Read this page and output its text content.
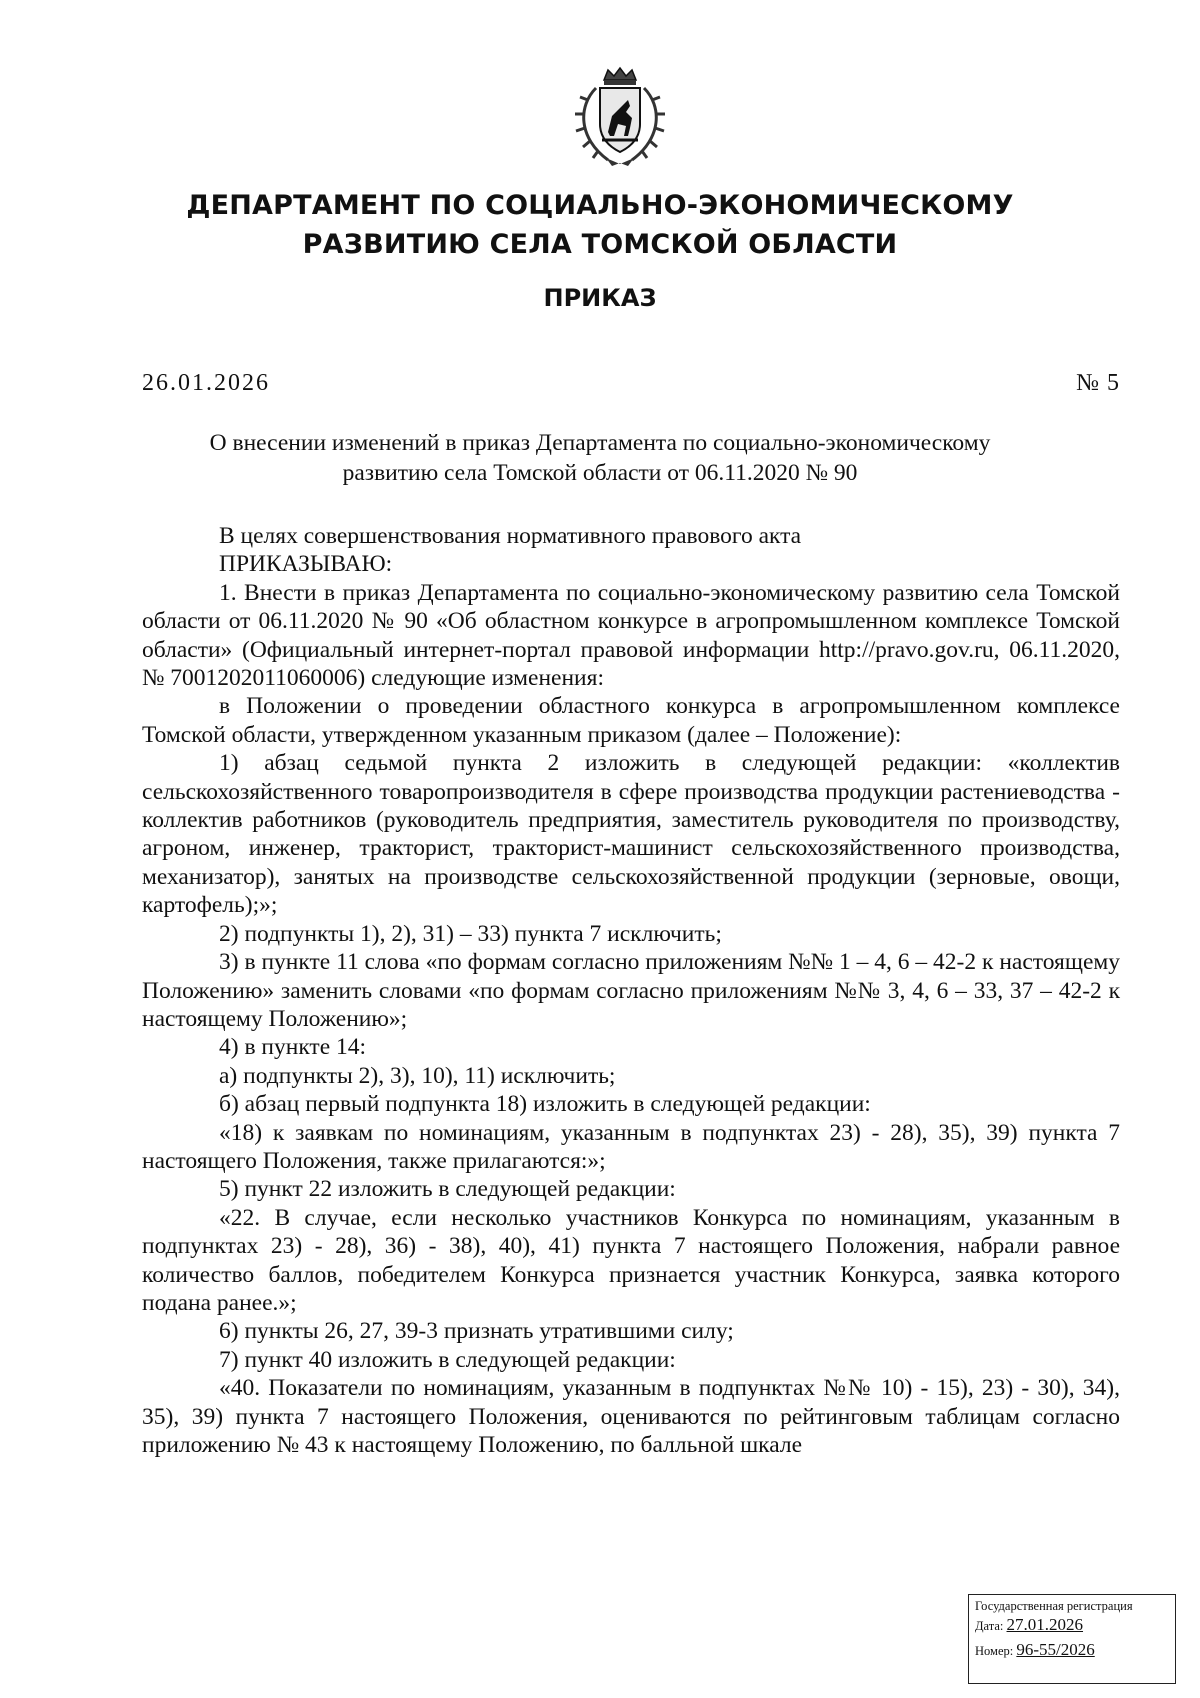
ДЕПАРТАМЕНТ ПО СОЦИАЛЬНО-ЭКОНОМИЧЕСКОМУ
РАЗВИТИЮ СЕЛА ТОМСКОЙ ОБЛАСТИ
ПРИКАЗ
26.01.2026	№ 5
О внесении изменений в приказ Департамента по социально-экономическому
развитию села Томской области от 06.11.2020 № 90

В целях совершенствования нормативного правового акта

ПРИКАЗЫВАЮ:

1. Внести в приказ Департамента по социально-экономическому развитию села Томской области от 06.11.2020 № 90 «Об областном конкурсе в агропромышленном комплексе Томской области» (Официальный интернет-портал правовой информации http://pravo.gov.ru, 06.11.2020, № 7001202011060006) следующие изменения:

в Положении о проведении областного конкурса в агропромышленном комплексе Томской области, утвержденном указанным приказом (далее – Положение):

1) абзац седьмой пункта 2 изложить в следующей редакции: «коллектив сельскохозяйственного товаропроизводителя в сфере производства продукции растениеводства - коллектив работников (руководитель предприятия, заместитель руководителя по производству, агроном, инженер, тракторист, тракторист-машинист сельскохозяйственного производства, механизатор), занятых на производстве сельскохозяйственной продукции (зерновые, овощи, картофель);»;

2) подпункты 1), 2), 31) – 33) пункта 7 исключить;

3) в пункте 11 слова «по формам согласно приложениям №№ 1 – 4, 6 – 42-2 к настоящему Положению» заменить словами «по формам согласно приложениям №№ 3, 4, 6 – 33, 37 – 42-2 к настоящему Положению»;

4) в пункте 14:

а) подпункты 2), 3), 10), 11) исключить;

б) абзац первый подпункта 18) изложить в следующей редакции:

«18) к заявкам по номинациям, указанным в подпунктах 23) - 28), 35), 39) пункта 7 настоящего Положения, также прилагаются:»;

5) пункт 22 изложить в следующей редакции:

«22. В случае, если несколько участников Конкурса по номинациям, указанным в подпунктах 23) - 28), 36) - 38), 40), 41) пункта 7 настоящего Положения, набрали равное количество баллов, победителем Конкурса признается участник Конкурса, заявка которого подана ранее.»;

6) пункты 26, 27, 39-3 признать утратившими силу;

7) пункт 40 изложить в следующей редакции:

«40. Показатели по номинациям, указанным в подпунктах №№ 10) - 15), 23) - 30), 34), 35), 39) пункта 7 настоящего Положения, оцениваются по рейтинговым таблицам согласно приложению № 43 к настоящему Положению, по балльной шкале

Государственная регистрация
Дата: 27.01.2026
Номер: 96-55/2026
